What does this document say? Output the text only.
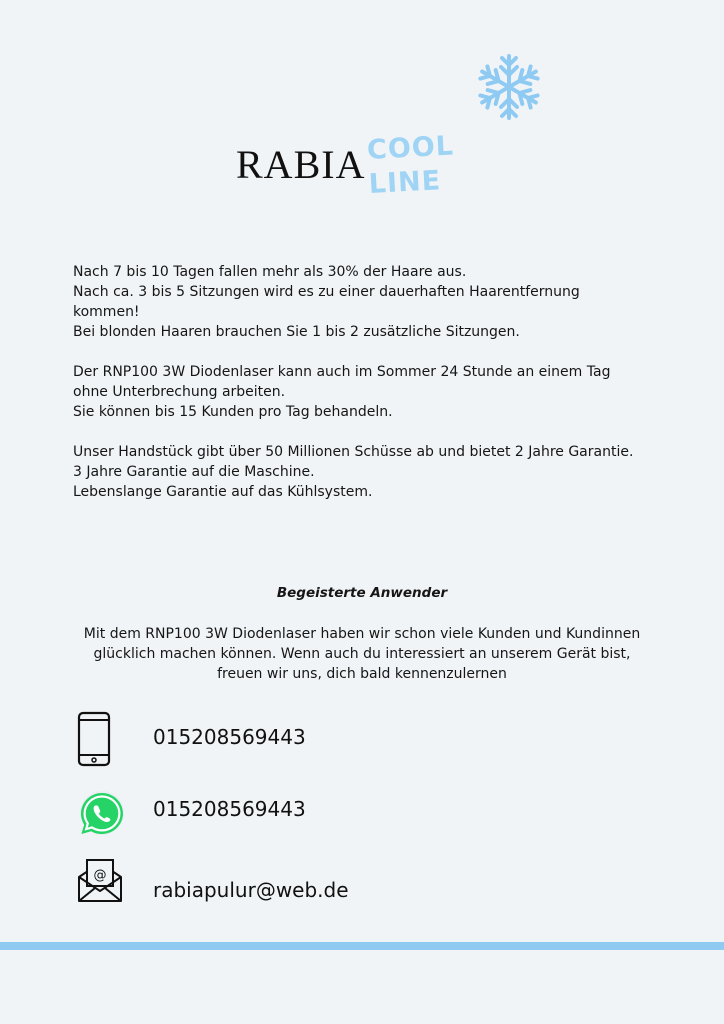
RABIA COOL LINE

Nach 7 bis 10 Tagen fallen mehr als 30% der Haare aus.
Nach ca. 3 bis 5 Sitzungen wird es zu einer dauerhaften Haarentfernung
kommen!
Bei blonden Haaren brauchen Sie 1 bis 2 zusätzliche Sitzungen.

Der RNP100 3W Diodenlaser kann auch im Sommer 24 Stunde an einem Tag
ohne Unterbrechung arbeiten.
Sie können bis 15 Kunden pro Tag behandeln.

Unser Handstück gibt über 50 Millionen Schüsse ab und bietet 2 Jahre Garantie.
3 Jahre Garantie auf die Maschine.
Lebenslange Garantie auf das Kühlsystem.

Begeisterte Anwender
Mit dem RNP100 3W Diodenlaser haben wir schon viele Kunden und Kundinnen
glücklich machen können. Wenn auch du interessiert an unserem Gerät bist,
freuen wir uns, dich bald kennenzulernen
015208569443
015208569443
@
rabiapulur@web.de
